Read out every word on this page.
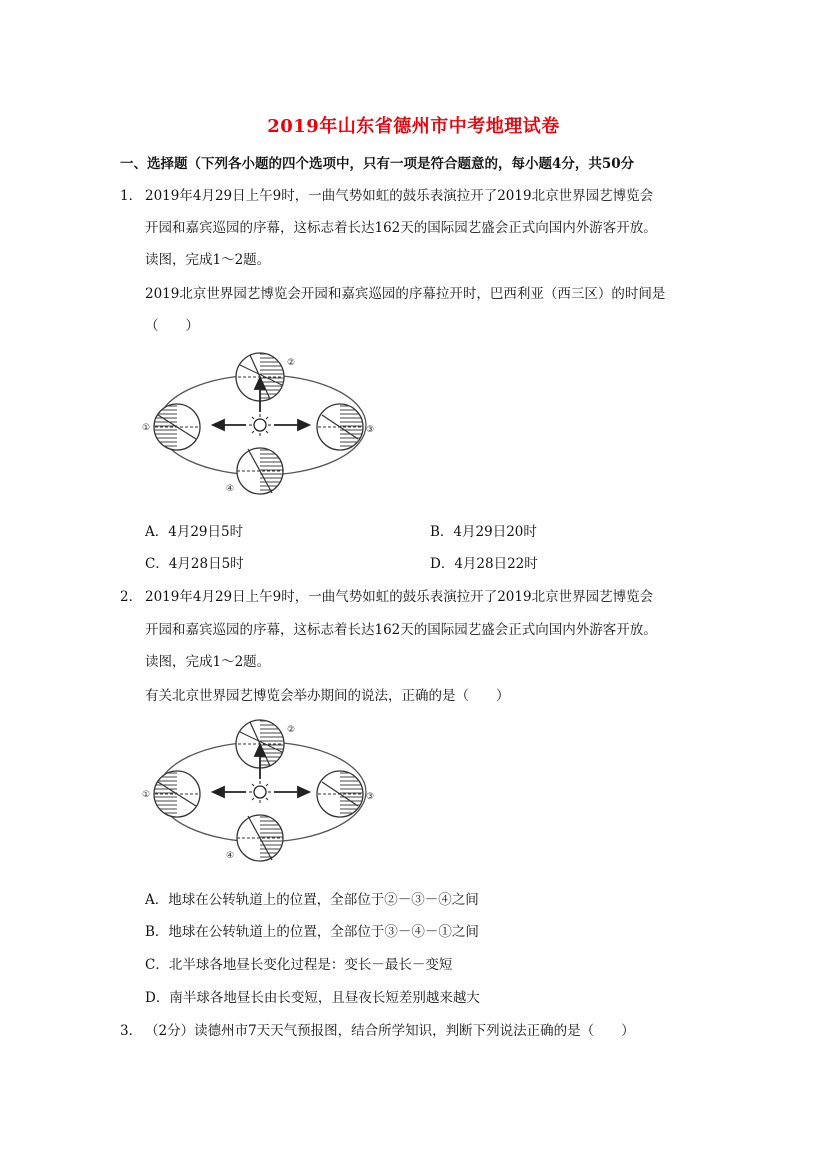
2019年山东省德州市中考地理试卷
一、选择题（下列各小题的四个选项中，只有一项是符合题意的，每小题4分，共50分
1． 2019年4月29日上午9时，一曲气势如虹的鼓乐表演拉开了2019北京世界园艺博览会
开园和嘉宾巡园的序幕，这标志着长达162天的国际园艺盛会正式向国内外游客开放。
读图，完成1～2题。
2019北京世界园艺博览会开园和嘉宾巡园的序幕拉开时，巴西利亚（西三区）的时间是
（　　）
②
①	③
④
A．4月29日5时	B．4月29日20时
C．4月28日5时	D．4月28日22时
2． 2019年4月29日上午9时，一曲气势如虹的鼓乐表演拉开了2019北京世界园艺博览会
开园和嘉宾巡园的序幕，这标志着长达162天的国际园艺盛会正式向国内外游客开放。
读图，完成1～2题。
有关北京世界园艺博览会举办期间的说法，正确的是（　　）
②
①	③
④
A．地球在公转轨道上的位置，全部位于②－③－④之间
B．地球在公转轨道上的位置，全部位于③－④－①之间
C．北半球各地昼长变化过程是：变长－最长－变短
D．南半球各地昼长由长变短，且昼夜长短差别越来越大
3． （2分）读德州市7天天气预报图，结合所学知识，判断下列说法正确的是（　　）
